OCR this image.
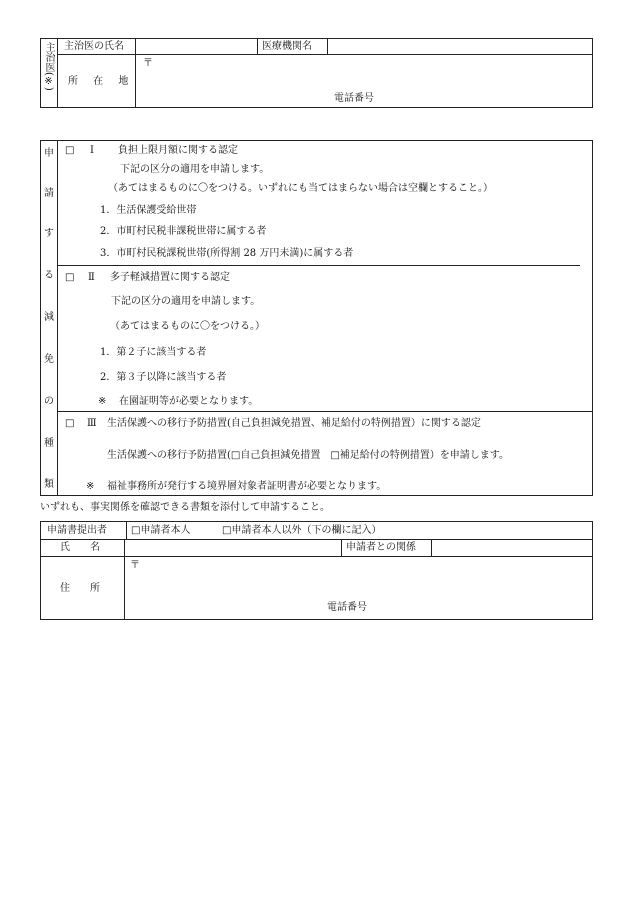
主治医(※) 主治医の氏名	医療機関名
所 在 地
〒
電話番号
申
請
す
る
減
免
の
種
類
□ Ⅰ 負担上限月額に関する認定
下記の区分の適用を申請します。
（あてはまるものに〇をつける。いずれにも当てはまらない場合は空欄とすること。）
1．生活保護受給世帯
2．市町村民税非課税世帯に属する者
3．市町村民税課税世帯(所得割 28 万円未満)に属する者
□ Ⅱ 多子軽減措置に関する認定
下記の区分の適用を申請します。
（あてはまるものに〇をつける。）
1．第２子に該当する者
2．第３子以降に該当する者
※ 在園証明等が必要となります。
□ Ⅲ 生活保護への移行予防措置(自己負担減免措置、補足給付の特例措置）に関する認定
生活保護への移行予防措置(□自己負担減免措置　□補足給付の特例措置）を申請します。
※ 福祉事務所が発行する境界層対象者証明書が必要となります。
いずれも、事実関係を確認できる書類を添付して申請すること。
申請書提出者 □申請者本人	□申請者本人以外（下の欄に記入）
氏　　名	申請者との関係
住　　所
〒
電話番号
